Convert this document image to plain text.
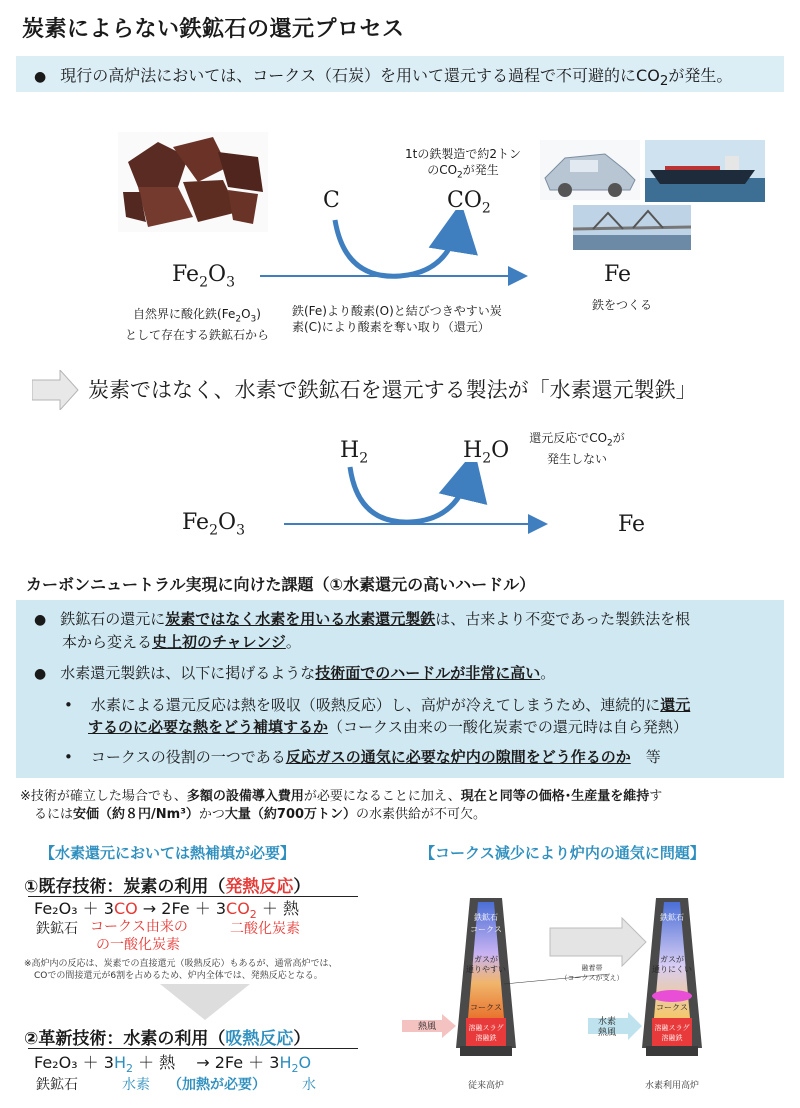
炭素によらない鉄鉱石の還元プロセス
● 現行の高炉法においては、コークス（石炭）を用いて還元する過程で不可避的に$CO_2$が発生。
C	$CO_2$
1tの鉄製造で約2トン
の$CO_2$が発生
$Fe_2O_3$	Fe
自然界に酸化鉄$(Fe_2O_3)$
として存在する鉄鉱石から
鉄(Fe)より酸素(O)と結びつきやすい炭
素(C)により酸素を奪い取り（還元）
鉄をつくる
炭素ではなく、水素で鉄鉱石を還元する製法が「水素還元製鉄」
$H_2$	$H_2O$	還元反応で$CO_2$が
発生しない
$Fe_2O_3$	Fe
カーボンニュートラル実現に向けた課題（①水素還元の高いハードル）

● 鉄鉱石の還元に炭素ではなく水素を用いる水素還元製鉄は、古来より不変であった製鉄法を根
本から変える史上初のチャレンジ。

● 水素還元製鉄は、以下に掲げるような技術面でのハードルが非常に高い。

• 水素による還元反応は熱を吸収（吸熱反応）し、高炉が冷えてしまうため、連続的に還元
するのに必要な熱をどう補填するか（コークス由来の一酸化炭素での還元時は自ら発熱）

• コークスの役割の一つである反応ガスの通気に必要な炉内の隙間をどう作るのか　等

※技術が確立した場合でも、多額の設備導入費用が必要になることに加え、現在と同等の価格･生産量を維持す
るには安価（約８円/Nm³）かつ大量（約700万トン）の水素供給が不可欠。
【水素還元においては熱補填が必要】	【コークス減少により炉内の通気に問題】
①既存技術：炭素の利用（発熱反応）
$Fe_2O_3 + 3CO \to 2Fe + 3CO_2$ ＋ 熱
鉄鉱石 コークス由来の
の一酸化炭素
二酸化炭素
※高炉内の反応は、炭素での直接還元（吸熱反応）もあるが、通常高炉では、
COでの間接還元が6割を占めるため、炉内全体では、発熱反応となる。
②革新技術：水素の利用（吸熱反応）
$Fe_2O_3 + 3H_2$ ＋ 熱 　→ $2Fe + 3H_2O$
鉄鉱石	水素 （加熱が必要）	水
鉄鉱石
コークス
ガスが
通りやすい
コークス
溶融スラグ
溶融鉄
熱風
従来高炉
融着帯
（コークスが支え）
鉄鉱石
ガスが
通りにくい
コークス
溶融スラグ
溶融鉄
水素
熱風
水素利用高炉
